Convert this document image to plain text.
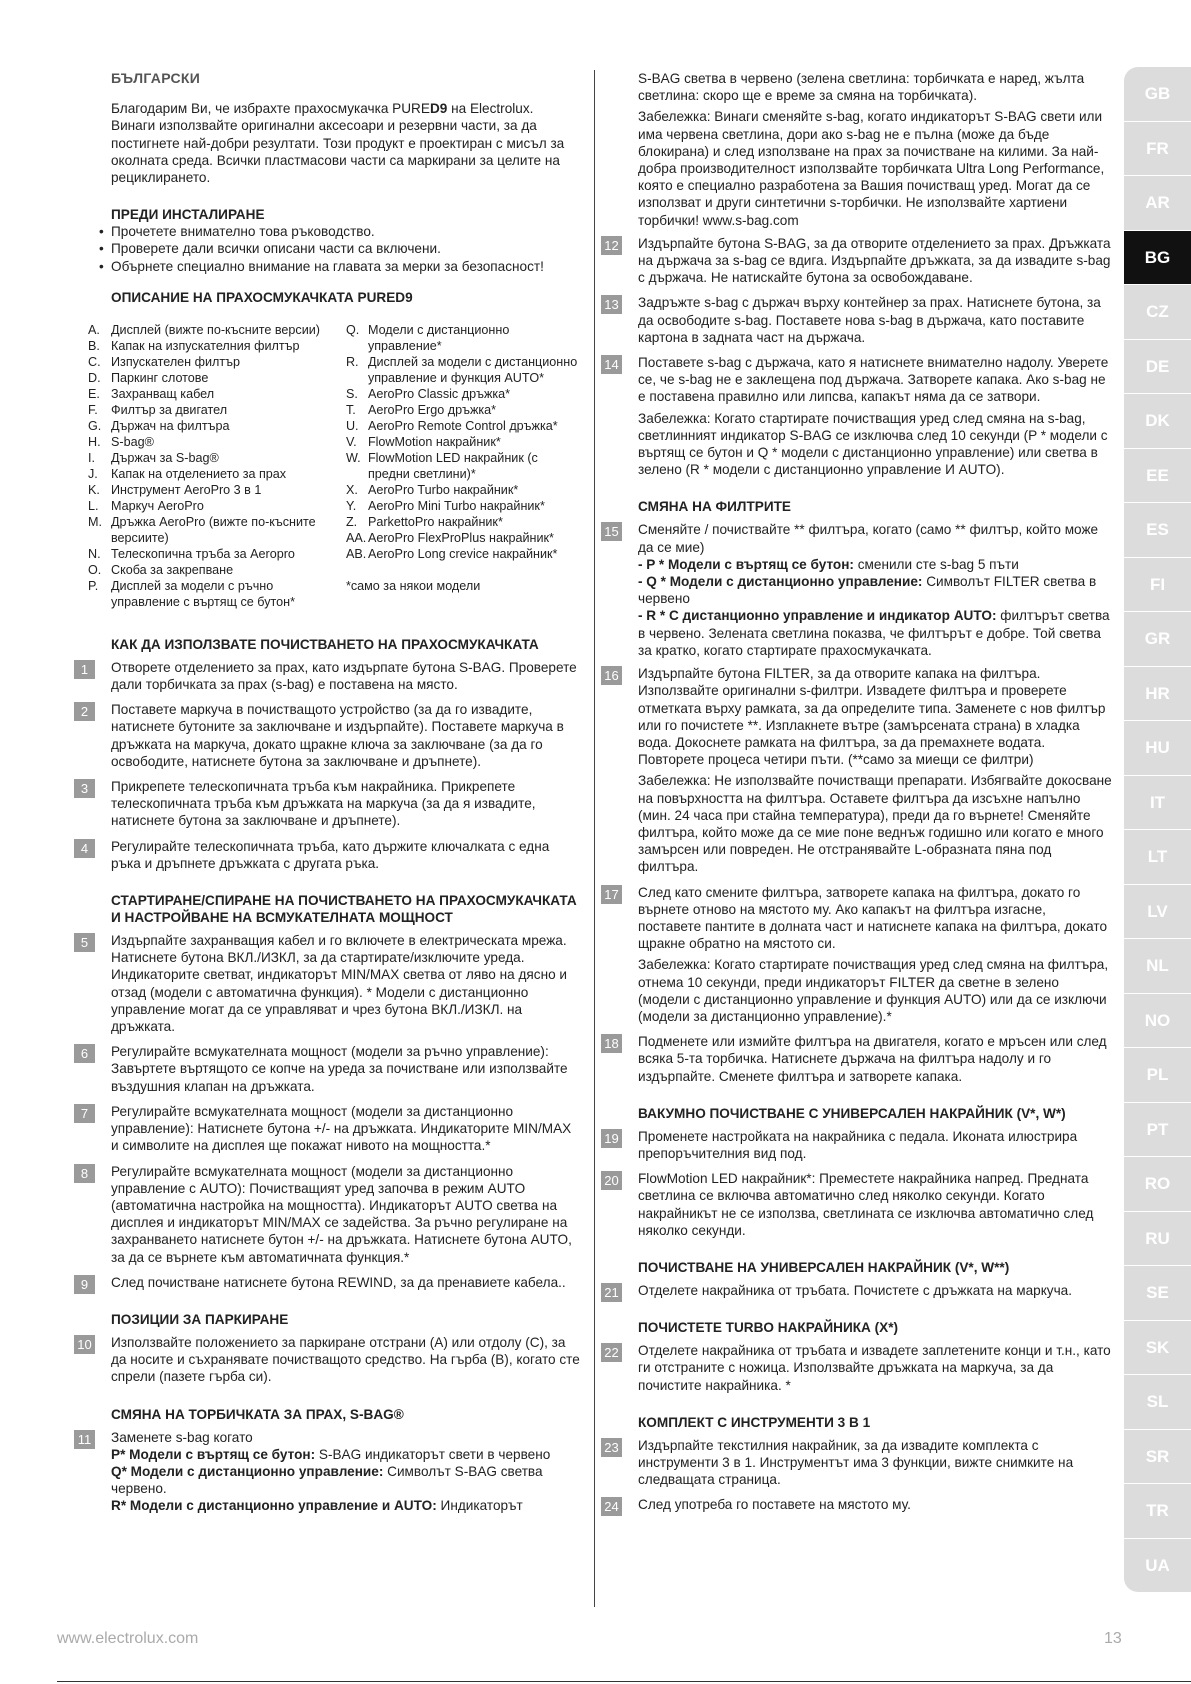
БЪЛГАРСКИ

Благодарим Ви, че избрахте прахосмукачка PURED9 на Electrolux. Винаги използвайте оригинални аксесоари и резервни части, за да постигнете най-добри резултати. Този продукт е проектиран с мисъл за околната среда. Всички пластмасови части са маркирани за целите на рециклирането.

ПРЕДИ ИНСТАЛИРАНЕ
• Прочетете внимателно това ръководство.
• Проверете дали всички описани части са включени.
• Обърнете специално внимание на главата за мерки за безопасност!
ОПИСАНИЕ НА ПРАХОСМУКАЧКАТА PURED9
A. Дисплей (вижте по-късните версии)
B. Капак на изпускателния филтър
C. Изпускателен филтър
D. Паркинг слотове
E. Захранващ кабел
F.	Филтър за двигател
G. Държач на филтъра
H. S-bag®
I.	Държач за S-bag®
J.	Капак на отделението за прах
K. Инструмент AeroPro 3 в 1
L. Маркуч AeroPro
M. Дръжка AeroPro (вижте по-късните версиите)
N. Телескопична тръба за Aeropro
O. Скоба за закрепване
P.	Дисплей за модели с ръчно управление с въртящ се бутон*
Q. Модели с дистанционно управление*
R. Дисплей за модели с дистанционно управление и функция AUTO*
S. AeroPro Classic дръжка*
T. AeroPro Ergo дръжка*
U. AeroPro Remote Control дръжка*
V. FlowMotion накрайник*
W. FlowMotion LED накрайник (с предни светлини)*
X. AeroPro Turbo накрайник*
Y. AeroPro Mini Turbo накрайник*
Z. ParkettoPro накрайник*
AA. AeroPro FlexProPlus накрайник*
AB. AeroPro Long crevice накрайник*
*само за някои модели
КАК ДА ИЗПОЛЗВАТЕ ПОЧИСТВАНЕТО НА ПРАХОСМУКАЧКАТА
1	Отворете отделението за прах, като издърпате бутона S-BAG. Проверете дали торбичката за прах (s-bag) е поставена на място.

2	Поставете маркуча в почистващото устройство (за да го извадите, натиснете бутоните за заключване и издърпайте). Поставете маркуча в дръжката на маркуча, докато щракне ключа за заключване (за да го освободите, натиснете бутона за заключване и дръпнете).

3	Прикрепете телескопичната тръба към накрайника. Прикрепете телескопичната тръба към дръжката на маркуча (за да я извадите, натиснете бутона за заключване и дръпнете).

4	Регулирайте телескопичната тръба, като държите ключалката с една ръка и дръпнете дръжката с другата ръка.

СТАРТИРАНЕ/СПИРАНЕ НА ПОЧИСТВАНЕТО НА ПРАХОСМУКАЧКАТА И НАСТРОЙВАНЕ НА ВСМУКАТЕЛНАТА МОЩНОСТ
5	Издърпайте захранващия кабел и го включете в електрическата мрежа. Натиснете бутона ВКЛ./ИЗКЛ, за да стартирате/изключите уреда. Индикаторите светват, индикаторът MIN/MAX светва от ляво на дясно и отзад (модели с автоматична функция). * Модели с дистанционно управление могат да се управляват и чрез бутона ВКЛ./ИЗКЛ. на дръжката.

6	Регулирайте всмукателната мощност (модели за ръчно управление): Завъртете въртящото се копче на уреда за почистване или използвайте въздушния клапан на дръжката.

7	Регулирайте всмукателната мощност (модели за дистанционно управление): Натиснете бутона +/- на дръжката. Индикаторите MIN/MAX и символите на дисплея ще покажат нивото на мощността.*

8	Регулирайте всмукателната мощност (модели за дистанционно управление с AUTO): Почистващият уред започва в режим AUTO (автоматична настройка на мощността). Индикаторът AUTO светва на дисплея и индикаторът MIN/MAX се задейства. За ръчно регулиране на захранването натиснете бутон +/- на дръжката. Натиснете бутона AUTO, за да се върнете към автоматичната функция.*

9	След почистване натиснете бутона REWIND, за да пренавиете кабела..

ПОЗИЦИИ ЗА ПАРКИРАНЕ
10 Използвайте положението за паркиране отстрани (A) или отдолу (C), за да носите и съхранявате почистващото средство. На гърба (B), когато сте спрели (пазете гърба си).

СМЯНА НА ТОРБИЧКАТА ЗА ПРАХ, S-BAG®
11 Заменете s-bag когато

P* Модели с въртящ се бутон: S-BAG индикаторът свети в червено

Q* Модели с дистанционно управление: Символът S-BAG светва червено.

R* Модели с дистанционно управление и AUTO: Индикаторът

S-BAG светва в червено (зелена светлина: торбичката е наред, жълта светлина: скоро ще е време за смяна на торбичката).

Забележка: Винаги сменяйте s-bag, когато индикаторът S-BAG свети или има червена светлина, дори ако s-bag не е пълна (може да бъде блокирана) и след използване на прах за почистване на килими. За най-добра производителност използвайте торбичката Ultra Long Performance, която е специално разработена за Вашия почистващ уред. Могат да се използват и други синтетични s-торбички. Не използвайте хартиени торбички! www.s-bag.com

12 Издърпайте бутона S-BAG, за да отворите отделението за прах. Дръжката на държача за s-bag се вдига. Издърпайте дръжката, за да извадите s-bag с държача. Не натискайте бутона за освобождаване.

13 Задръжте s-bag с държач върху контейнер за прах. Натиснете бутона, за да освободите s-bag. Поставете нова s-bag в държача, като поставите картона в задната част на държача.

14 Поставете s-bag с държача, като я натиснете внимателно надолу. Уверете се, че s-bag не е заклещена под държача. Затворете капака. Ако s-bag не е поставена правилно или липсва, капакът няма да се затвори.

Забележка: Когато стартирате почистващия уред след смяна на s-bag, светлинният индикатор S-BAG се изключва след 10 секунди (P * модели с въртящ се бутон и Q * модели с дистанционно управление) или светва в зелено (R * модели с дистанционно управление И AUTO).

СМЯНА НА ФИЛТРИТЕ
15 Сменяйте / почиствайте ** филтъра, когато (само ** филтър, който може да се мие)

- P * Модели с въртящ се бутон: сменили сте s-bag 5 пъти

- Q * Модели с дистанционно управление: Символът FILTER светва в червено

- R * C дистанционно управление и индикатор AUTO: филтърът светва в червено. Зелената светлина показва, че филтърът е добре. Той светва за кратко, когато стартирате прахосмукачката.

16 Издърпайте бутона FILTER, за да отворите капака на филтъра. Използвайте оригинални s-филтри. Извадете филтъра и проверете отметката върху рамката, за да определите типа. Заменете с нов филтър или го почистете **. Изплакнете вътре (замърсената страна) в хладка вода. Докоснете рамката на филтъра, за да премахнете водата. Повторете процеса четири пъти. (**само за миещи се филтри)

Забележка: Не използвайте почистващи препарати. Избягвайте докосване на повърхността на филтъра. Оставете филтъра да изсъхне напълно (мин. 24 часа при стайна температура), преди да го върнете! Сменяйте филтъра, който може да се мие поне веднъж годишно или когато е много замърсен или повреден. Не отстранявайте L-образната пяна под филтъра.

17 След като смените филтъра, затворете капака на филтъра, докато го върнете отново на мястото му. Ако капакът на филтъра изгасне, поставете пантите в долната част и натиснете капака на филтъра, докато щракне обратно на мястото си.

Забележка: Когато стартирате почистващия уред след смяна на филтъра, отнема 10 секунди, преди индикаторът FILTER да светне в зелено (модели с дистанционно управление и функция AUTO) или да се изключи (модели за дистанционно управление).*

18 Подменете или измийте филтъра на двигателя, когато е мръсен или след всяка 5-та торбичка. Натиснете държача на филтъра надолу и го издърпайте. Сменете филтъра и затворете капака.

ВАКУМНО ПОЧИСТВАНЕ С УНИВЕРСАЛЕН НАКРАЙНИК (V*, W*)
19 Променете настройката на накрайника с педала. Иконата илюстрира препоръчителния вид под.

20 FlowMotion LED накрайник*: Преместете накрайника напред. Предната светлина се включва автоматично след няколко секунди. Когато накрайникът не се използва, светлината се изключва автоматично след няколко секунди.

ПОЧИСТВАНЕ НА УНИВЕРСАЛЕН НАКРАЙНИК (V*, W**)
21 Отделете накрайника от тръбата. Почистете с дръжката на маркуча.

ПОЧИСТЕТЕ TURBO НАКРАЙНИКА (X*)
22 Отделете накрайника от тръбата и извадете заплетените конци и т.н., като ги отстраните с ножица. Използвайте дръжката на маркуча, за да почистите накрайника. *

КОМПЛЕКТ С ИНСТРУМЕНТИ 3 В 1
23 Издърпайте текстилния накрайник, за да извадите комплекта с инструменти 3 в 1. Инструментът има 3 функции, вижте снимките на следващата страница.

24 След употреба го поставете на мястото му.

GB
FR
AR
BG
CZ
DE
DK
EE
ES
FI
GR
HR
HU
IT
LT
LV
NL
NO
PL
PT
RO
RU
SE
SK
SL
SR
TR
UA
www.electrolux.com	13
